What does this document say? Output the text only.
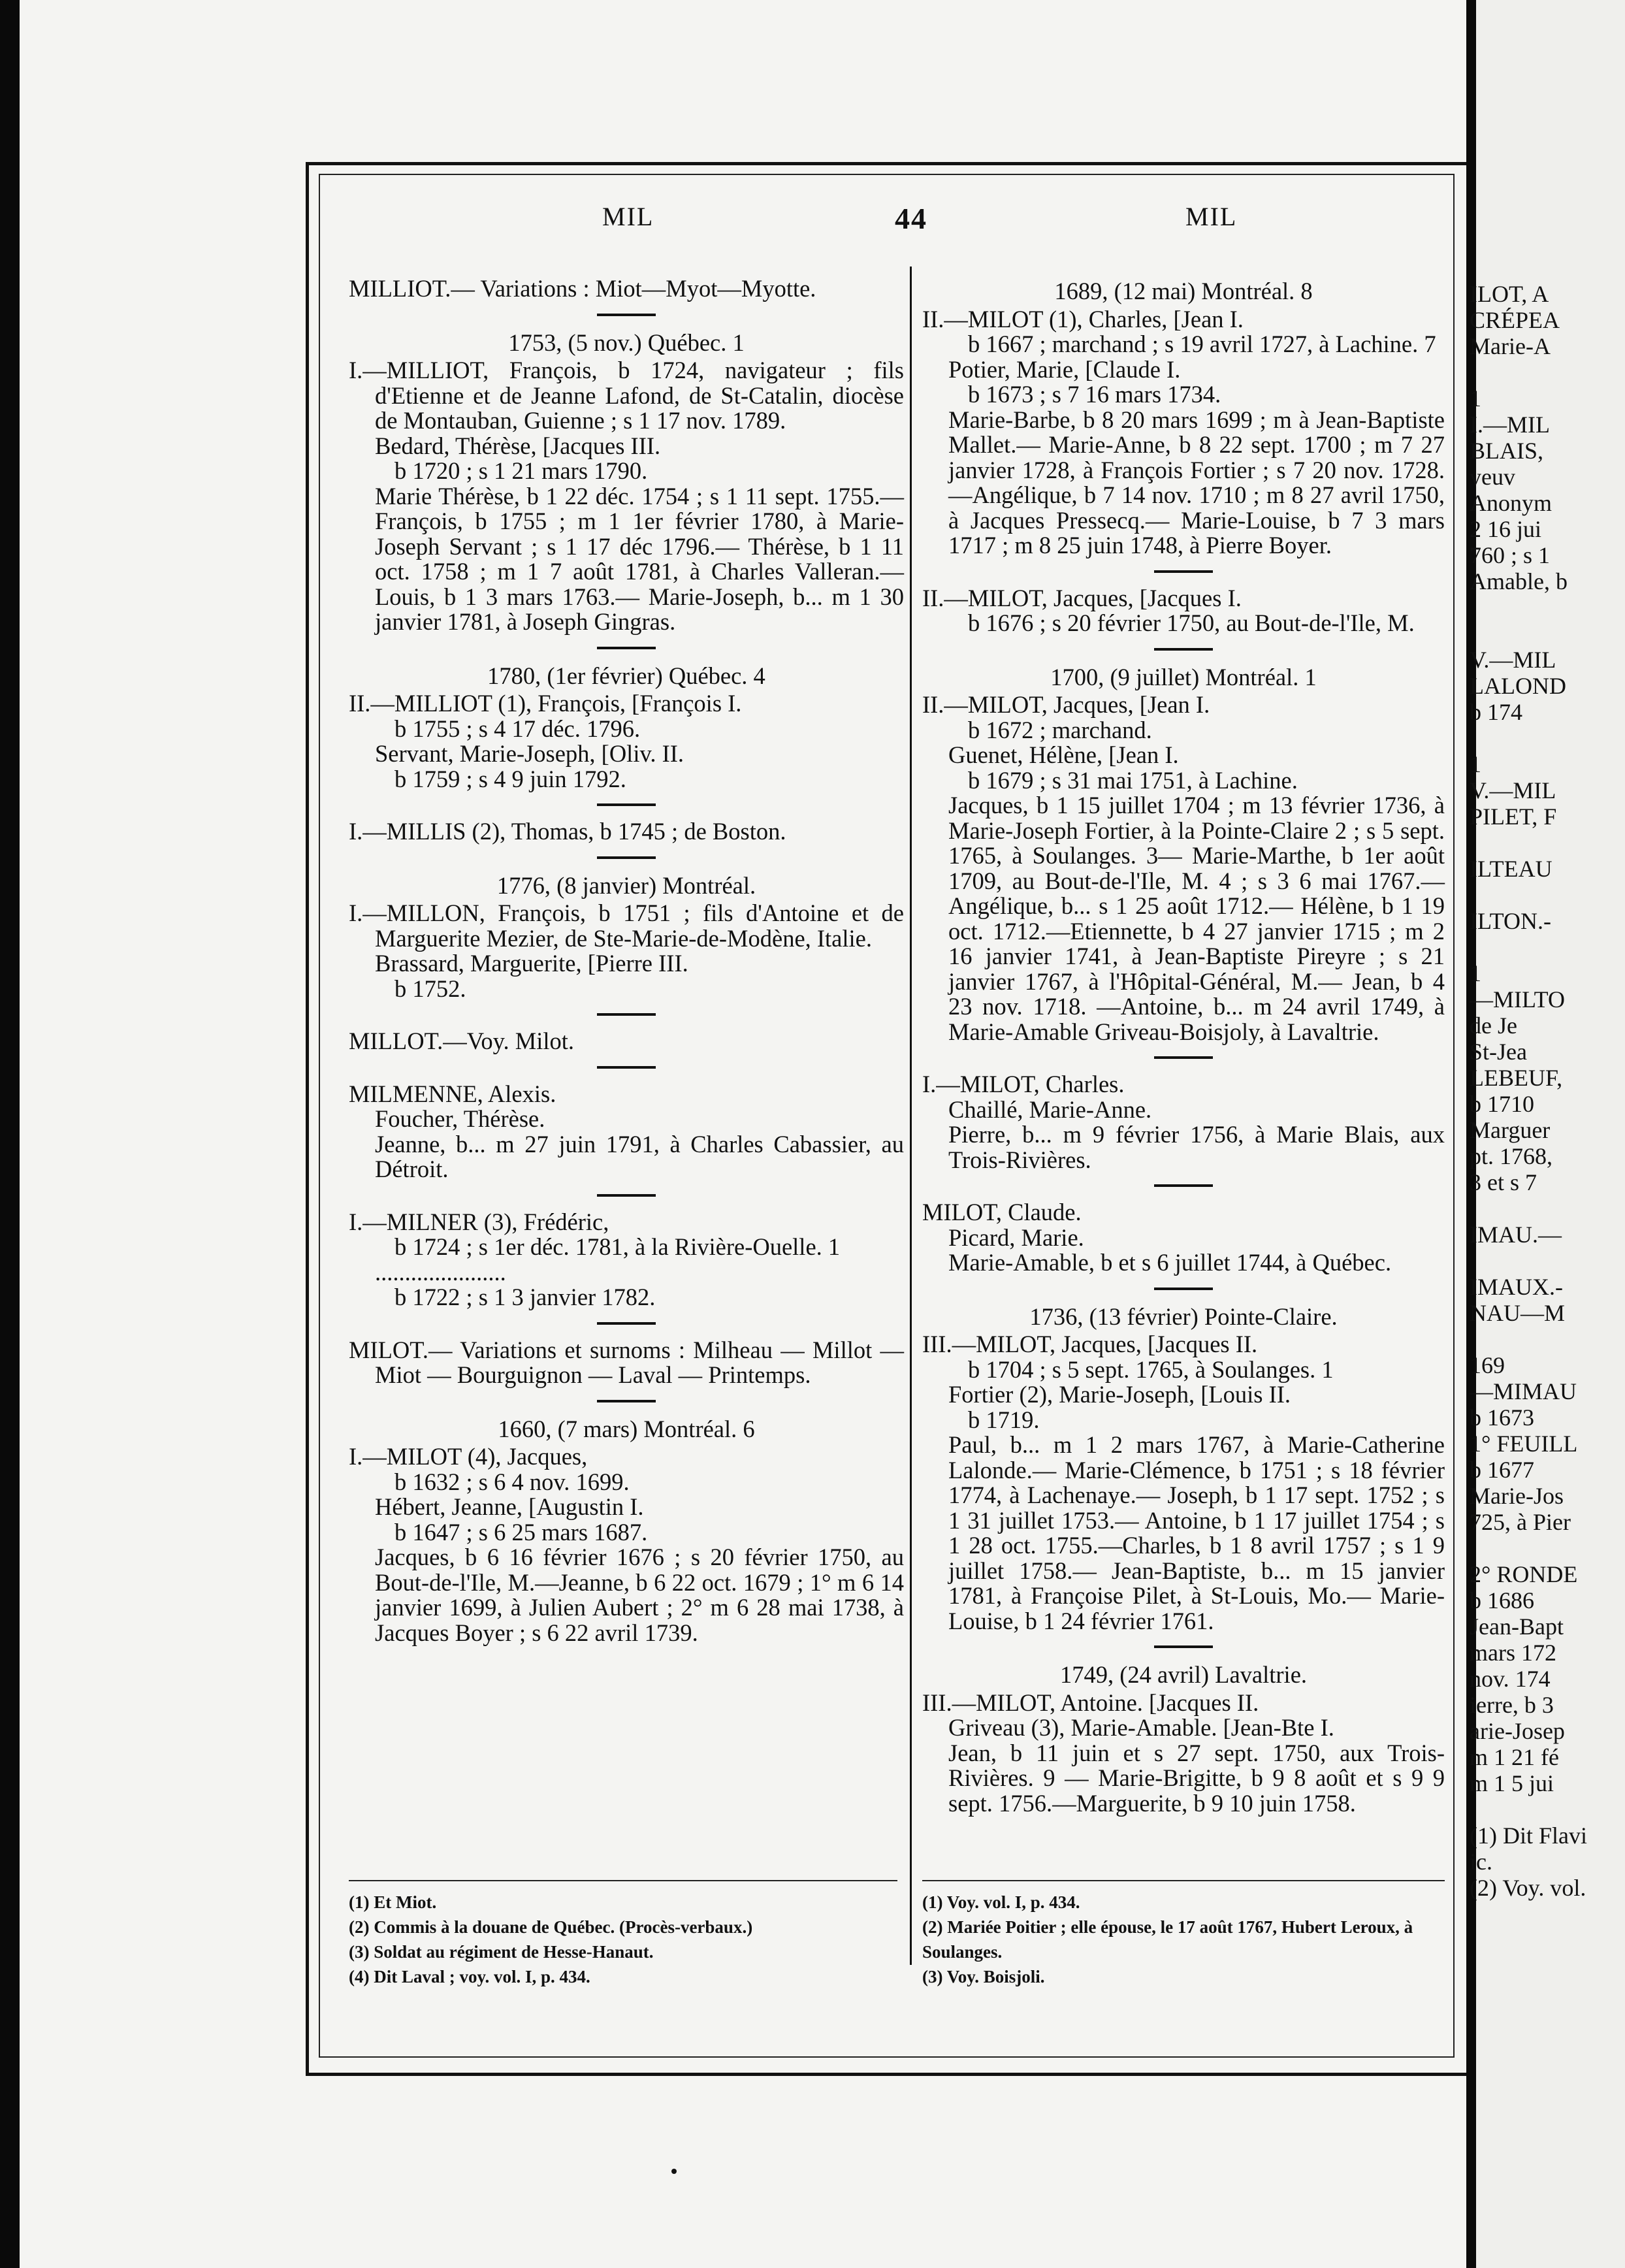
MIL	44	MIL

MILLIOT.— Variations : Miot—Myot—Myotte.

1753, (5 nov.) Québec. 1

I.—MILLIOT, François, b 1724, navigateur ; fils d'Etienne et de Jeanne Lafond, de St-Catalin, diocèse de Montauban, Guienne ; s 1 17 nov. 1789.

Bedard, Thérèse, [Jacques III.

b 1720 ; s 1 21 mars 1790.

Marie Thérèse, b 1 22 déc. 1754 ; s 1 11 sept. 1755.—François, b 1755 ; m 1 1er février 1780, à Marie-Joseph Servant ; s 1 17 déc 1796.— Thérèse, b 1 11 oct. 1758 ; m 1 7 août 1781, à Charles Valleran.— Louis, b 1 3 mars 1763.— Marie-Joseph, b... m 1 30 janvier 1781, à Joseph Gingras.

1780, (1er février) Québec. 4

II.—MILLIOT (1), François, [François I.

b 1755 ; s 4 17 déc. 1796.

Servant, Marie-Joseph, [Oliv. II.

b 1759 ; s 4 9 juin 1792.

I.—MILLIS (2), Thomas, b 1745 ; de Boston.

1776, (8 janvier) Montréal.

I.—MILLON, François, b 1751 ; fils d'Antoine et de Marguerite Mezier, de Ste-Marie-de-Modène, Italie.

Brassard, Marguerite, [Pierre III.

b 1752.

MILLOT.—Voy. Milot.

MILMENNE, Alexis.

Foucher, Thérèse.

Jeanne, b... m 27 juin 1791, à Charles Cabassier, au Détroit.

I.—MILNER (3), Frédéric,

b 1724 ; s 1er déc. 1781, à la Rivière-Ouelle. 1

......................

b 1722 ; s 1 3 janvier 1782.

MILOT.— Variations et surnoms : Milheau — Millot — Miot — Bourguignon — Laval — Printemps.

1660, (7 mars) Montréal. 6

I.—MILOT (4), Jacques,

b 1632 ; s 6 4 nov. 1699.

Hébert, Jeanne, [Augustin I.

b 1647 ; s 6 25 mars 1687.

Jacques, b 6 16 février 1676 ; s 20 février 1750, au Bout-de-l'Ile, M.—Jeanne, b 6 22 oct. 1679 ; 1° m 6 14 janvier 1699, à Julien Aubert ; 2° m 6 28 mai 1738, à Jacques Boyer ; s 6 22 avril 1739.

1689, (12 mai) Montréal. 8

II.—MILOT (1), Charles, [Jean I.

b 1667 ; marchand ; s 19 avril 1727, à Lachine. 7

Potier, Marie, [Claude I.

b 1673 ; s 7 16 mars 1734.

Marie-Barbe, b 8 20 mars 1699 ; m à Jean-Baptiste Mallet.— Marie-Anne, b 8 22 sept. 1700 ; m 7 27 janvier 1728, à François Fortier ; s 7 20 nov. 1728.—Angélique, b 7 14 nov. 1710 ; m 8 27 avril 1750, à Jacques Pressecq.— Marie-Louise, b 7 3 mars 1717 ; m 8 25 juin 1748, à Pierre Boyer.

II.—MILOT, Jacques, [Jacques I.

b 1676 ; s 20 février 1750, au Bout-de-l'Ile, M.

1700, (9 juillet) Montréal. 1

II.—MILOT, Jacques, [Jean I.

b 1672 ; marchand.

Guenet, Hélène, [Jean I.

b 1679 ; s 31 mai 1751, à Lachine.

Jacques, b 1 15 juillet 1704 ; m 13 février 1736, à Marie-Joseph Fortier, à la Pointe-Claire 2 ; s 5 sept. 1765, à Soulanges. 3— Marie-Marthe, b 1er août 1709, au Bout-de-l'Ile, M. 4 ; s 3 6 mai 1767.—Angélique, b... s 1 25 août 1712.— Hélène, b 1 19 oct. 1712.—Etiennette, b 4 27 janvier 1715 ; m 2 16 janvier 1741, à Jean-Baptiste Pireyre ; s 21 janvier 1767, à l'Hôpital-Général, M.— Jean, b 4 23 nov. 1718. —Antoine, b... m 24 avril 1749, à Marie-Amable Griveau-Boisjoly, à Lavaltrie.

I.—MILOT, Charles.

Chaillé, Marie-Anne.

Pierre, b... m 9 février 1756, à Marie Blais, aux Trois-Rivières.

MILOT, Claude.

Picard, Marie.

Marie-Amable, b et s 6 juillet 1744, à Québec.

1736, (13 février) Pointe-Claire.

III.—MILOT, Jacques, [Jacques II.

b 1704 ; s 5 sept. 1765, à Soulanges. 1

Fortier (2), Marie-Joseph, [Louis II.

b 1719.

Paul, b... m 1 2 mars 1767, à Marie-Catherine Lalonde.— Marie-Clémence, b 1751 ; s 18 février 1774, à Lachenaye.— Joseph, b 1 17 sept. 1752 ; s 1 31 juillet 1753.— Antoine, b 1 17 juillet 1754 ; s 1 28 oct. 1755.—Charles, b 1 8 avril 1757 ; s 1 9 juillet 1758.— Jean-Baptiste, b... m 15 janvier 1781, à Françoise Pilet, à St-Louis, Mo.— Marie-Louise, b 1 24 février 1761.

1749, (24 avril) Lavaltrie.

III.—MILOT, Antoine. [Jacques II.

Griveau (3), Marie-Amable. [Jean-Bte I.

Jean, b 11 juin et s 27 sept. 1750, aux Trois-Rivières. 9 — Marie-Brigitte, b 9 8 août et s 9 9 sept. 1756.—Marguerite, b 9 10 juin 1758.

(1) Et Miot.

(2) Commis à la douane de Québec. (Procès-verbaux.)

(3) Soldat au régiment de Hesse-Hanaut.

(4) Dit Laval ; voy. vol. I, p. 434.

(1) Voy. vol. I, p. 434.

(2) Mariée Poitier ; elle épouse, le 17 août 1767, Hubert Leroux, à Soulanges.

(3) Voy. Boisjoli.

ILOT, A

CRÉPEA

Marie-A

1

I.—MIL

BLAIS,

veuv

Anonym

2 16 jui

760 ; s 1

Amable, b

V.—MIL

LALOND

b 174

1

V.—MIL

PILET, F

ILTEAU

ILTON.-

1

—MILTO

de Je

St-Jea

LEBEUF,

b 1710

Marguer

pt. 1768,

3 et s 7

IMAU.—

IMAUX.-

NAU—M

169

—MIMAU

b 1673

1° FEUILL

b 1677

Marie-Jos

725, à Pier

2° RONDE

b 1686

Jean-Bapt

mars 172

nov. 174

ierre, b 3

arie-Josep

m 1 21 fé

m 1 5 jui

(1) Dit Flavi

ic.

(2) Voy. vol.
